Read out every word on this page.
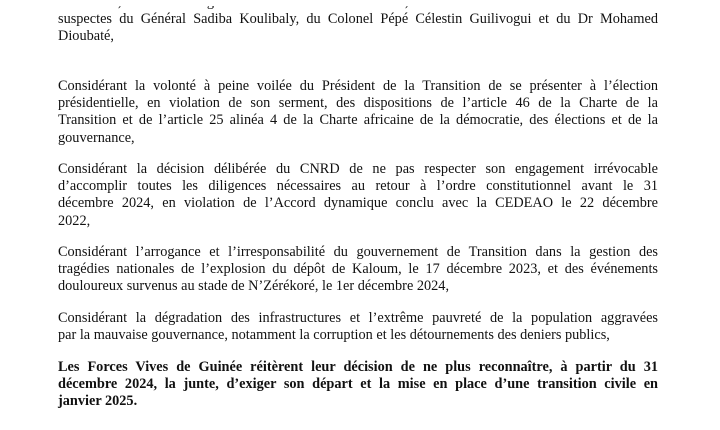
suspectes du Général Sadiba Koulibaly, du Colonel Pépé Célestin Guilivogui et du Dr Mohamed
Dioubaté,

Considérant la volonté à peine voilée du Président de la Transition de se présenter à l’élection
présidentielle, en violation de son serment, des dispositions de l’article 46 de la Charte de la
Transition et de l’article 25 alinéa 4 de la Charte africaine de la démocratie, des élections et de la
gouvernance,

Considérant la décision délibérée du CNRD de ne pas respecter son engagement irrévocable
d’accomplir toutes les diligences nécessaires au retour à l’ordre constitutionnel avant le 31
décembre 2024, en violation de l’Accord dynamique conclu avec la CEDEAO le 22 décembre
2022,

Considérant l’arrogance et l’irresponsabilité du gouvernement de Transition dans la gestion des
tragédies nationales de l’explosion du dépôt de Kaloum, le 17 décembre 2023, et des événements
douloureux survenus au stade de N’Zérékoré, le 1er décembre 2024,

Considérant la dégradation des infrastructures et l’extrême pauvreté de la population aggravées
par la mauvaise gouvernance, notamment la corruption et les détournements des deniers publics,

Les Forces Vives de Guinée réitèrent leur décision de ne plus reconnaître, à partir du 31
décembre 2024, la junte, d’exiger son départ et la mise en place d’une transition civile en
janvier 2025.
